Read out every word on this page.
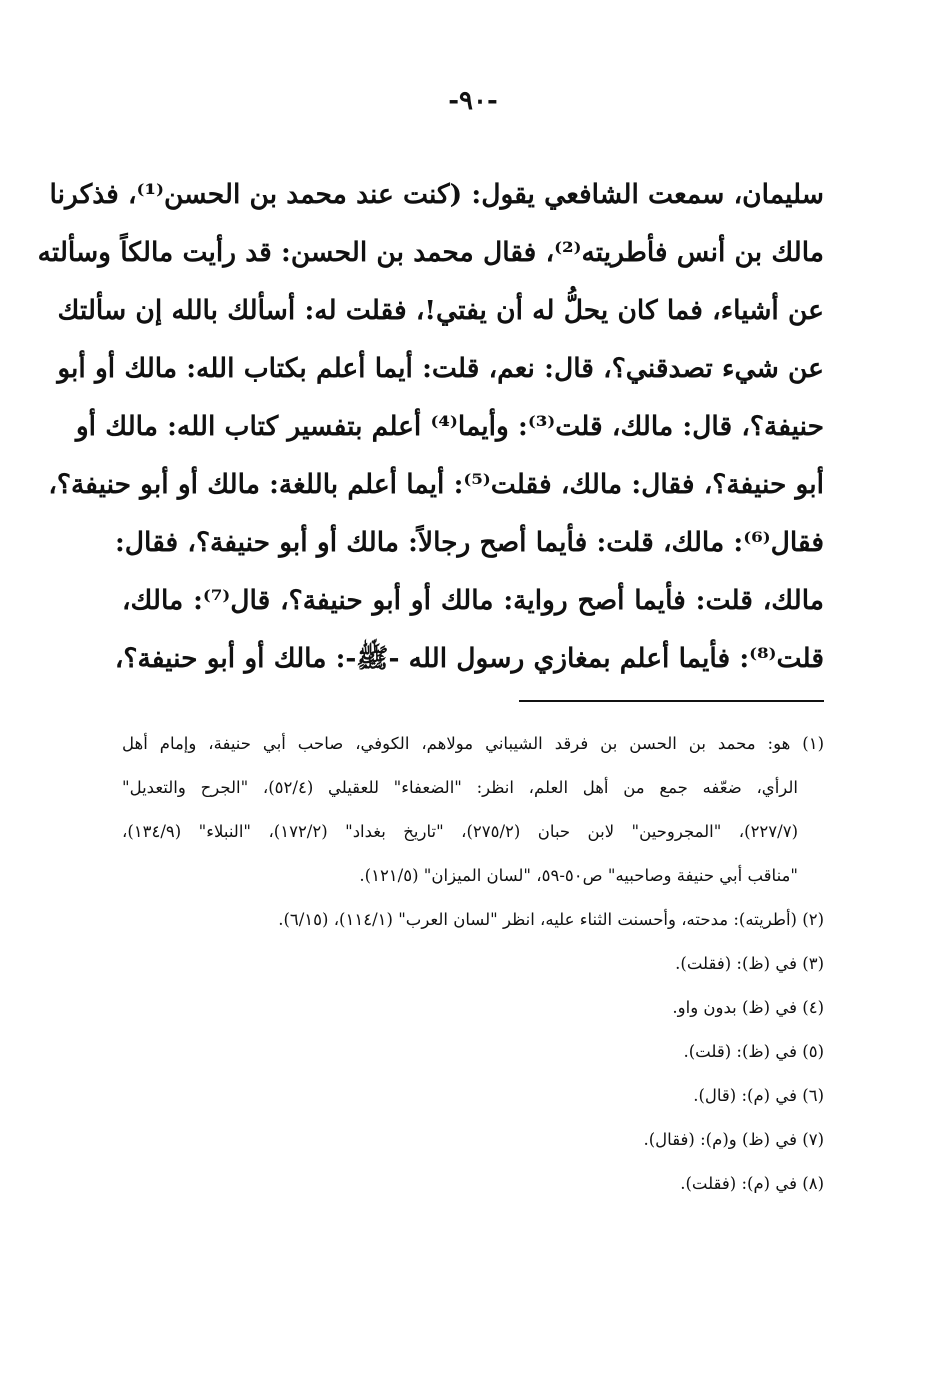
-٩٠-
سليمان، سمعت الشافعي يقول: (كنت عند محمد بن الحسن⁽¹⁾، فذكرنا
مالك بن أنس فأطريته⁽²⁾، فقال محمد بن الحسن: قد رأيت مالكاً وسألته
عن أشياء، فما كان يحلُّ له أن يفتي!، فقلت له: أسألك بالله إن سألتك
عن شيء تصدقني؟، قال: نعم، قلت: أيما أعلم بكتاب الله: مالك أو أبو
حنيفة؟، قال: مالك، قلت⁽³⁾: وأيما⁽⁴⁾ أعلم بتفسير كتاب الله: مالك أو
أبو حنيفة؟، فقال: مالك، فقلت⁽⁵⁾: أيما أعلم باللغة: مالك أو أبو حنيفة؟،
فقال⁽⁶⁾: مالك، قلت: فأيما أصح رجالاً: مالك أو أبو حنيفة؟، فقال:
مالك، قلت: فأيما أصح رواية: مالك أو أبو حنيفة؟، قال⁽⁷⁾: مالك،
قلت⁽⁸⁾: فأيما أعلم بمغازي رسول الله -ﷺ-: مالك أو أبو حنيفة؟،
(١) هو: محمد بن الحسن بن فرقد الشيباني مولاهم، الكوفي، صاحب أبي حنيفة، وإمام أهل
الرأي، ضعّفه جمع من أهل العلم، انظر: "الضعفاء" للعقيلي (٥٢/٤)، "الجرح والتعديل"
(٢٢٧/٧)، "المجروحين" لابن حبان (٢٧٥/٢)، "تاريخ بغداد" (١٧٢/٢)، "النبلاء" (١٣٤/٩)،
"مناقب أبي حنيفة وصاحبيه" ص٥٠-٥٩، "لسان الميزان" (١٢١/٥).
(٢) (أطريته): مدحته، وأحسنت الثناء عليه، انظر "لسان العرب" (١١٤/١)، (٦/١٥).
(٣) في (ظ): (فقلت).
(٤) في (ظ) بدون واو.
(٥) في (ظ): (قلت).
(٦) في (م): (قال).
(٧) في (ظ) و(م): (فقال).
(٨) في (م): (فقلت).
